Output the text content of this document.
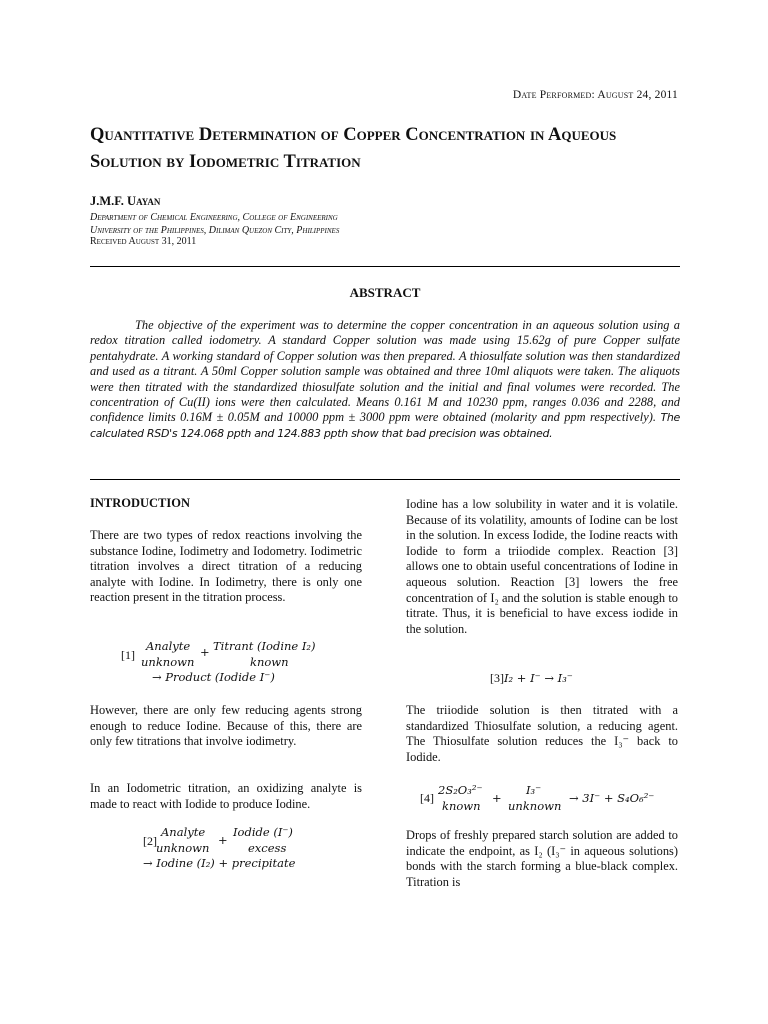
Date Performed: August 24, 2011
Quantitative Determination of Copper Concentration in Aqueous Solution by Iodometric Titration
J.M.F. Uayan
Department of Chemical Engineering, College of Engineering
University of the Philippines, Diliman Quezon City, Philippines
Received August 31, 2011
ABSTRACT

The objective of the experiment was to determine the copper concentration in an aqueous solution using a redox titration called iodometry. A standard Copper solution was made using 15.62g of pure Copper sulfate pentahydrate. A working standard of Copper solution was then prepared. A thiosulfate solution was then standardized and used as a titrant. A 50ml Copper solution sample was obtained and three 10ml aliquots were taken. The aliquots were then titrated with the standardized thiosulfate solution and the initial and final volumes were recorded. The concentration of Cu(II) ions were then calculated. Means 0.161 M and 10230 ppm, ranges 0.036 and 2288, and confidence limits 0.16M ± 0.05M and 10000 ppm ± 3000 ppm were obtained (molarity and ppm respectively). The calculated RSD's 124.068 ppth and 124.883 ppth show that bad precision was obtained.

INTRODUCTION

There are two types of redox reactions involving the substance Iodine, Iodimetry and Iodometry. Iodimetric titration involves a direct titration of a reducing analyte with Iodine. In Iodimetry, there is only one reaction present in the titration process.

[1]
Analyte
unknown
+ Titrant (Iodine I₂)
known
→ Product (Iodide I⁻)

However, there are only few reducing agents strong enough to reduce Iodine. Because of this, there are only few titrations that involve iodimetry.

In an Iodometric titration, an oxidizing analyte is made to react with Iodide to produce Iodine.

[2]
Analyte
unknown
+
Iodide (I⁻)
excess
→ Iodine (I₂) + precipitate

Iodine has a low solubility in water and it is volatile. Because of its volatility, amounts of Iodine can be lost in the solution. In excess Iodide, the Iodine reacts with Iodide to form a triiodide complex. Reaction [3] allows one to obtain useful concentrations of Iodine in aqueous solution. Reaction [3] lowers the free concentration of I₂ and the solution is stable enough to titrate. Thus, it is beneficial to have excess iodide in the solution.

[3]I₂ + I⁻ → I₃⁻

The triiodide solution is then titrated with a standardized Thiosulfate solution, a reducing agent. The Thiosulfate solution reduces the I₃⁻ back to Iodide.

[4]
2S₂O₃²⁻
known
+
I₃⁻
unknown
→ 3I⁻ + S₄O₆²⁻

Drops of freshly prepared starch solution are added to indicate the endpoint, as I₂ (I₃⁻ in aqueous solutions) bonds with the starch forming a blue-black complex. Titration is
